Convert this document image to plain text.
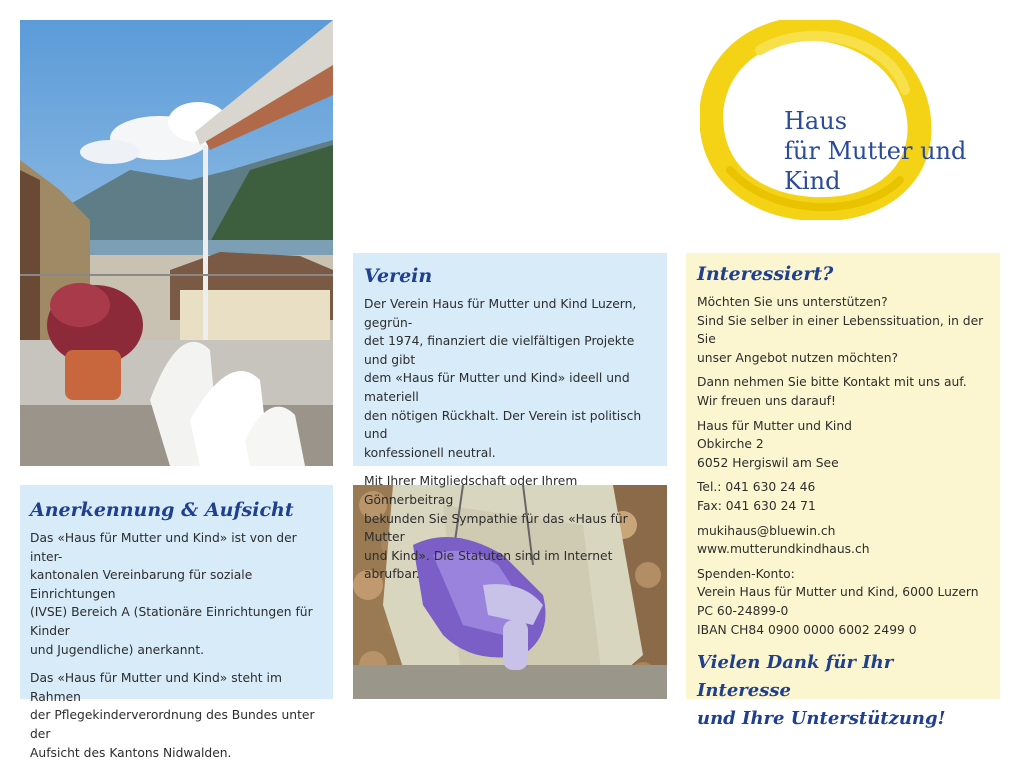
Haus
für Mutter und Kind
Verein
Der Verein Haus für Mutter und Kind Luzern, gegrün-
det 1974, finanziert die vielfältigen Projekte und gibt
dem «Haus für Mutter und Kind» ideell und materiell
den nötigen Rückhalt. Der Verein ist politisch und
konfessionell neutral.
Mit Ihrer Mitgliedschaft oder Ihrem Gönnerbeitrag
bekunden Sie Sympathie für das «Haus für Mutter
und Kind». Die Statuten sind im Internet abrufbar.
Interessiert?
Möchten Sie uns unterstützen?
Sind Sie selber in einer Lebenssituation, in der Sie
unser Angebot nutzen möchten?
Dann nehmen Sie bitte Kontakt mit uns auf.
Wir freuen uns darauf!
Haus für Mutter und Kind
Obkirche 2
6052 Hergiswil am See
Tel.: 041 630 24 46
Fax: 041 630 24 71
mukihaus@bluewin.ch
www.mutterundkindhaus.ch
Spenden-Konto:
Verein Haus für Mutter und Kind, 6000 Luzern
PC 60-24899-0
IBAN CH84 0900 0000 6002 2499 0
Vielen Dank für Ihr Interesse
und Ihre Unterstützung!
Anerkennung & Aufsicht
Das «Haus für Mutter und Kind» ist von der inter-
kantonalen Vereinbarung für soziale Einrichtungen
(IVSE) Bereich A (Stationäre Einrichtungen für Kinder
und Jugendliche) anerkannt.
Das «Haus für Mutter und Kind» steht im Rahmen
der Pflegekinderverordnung des Bundes unter der
Aufsicht des Kantons Nidwalden.
